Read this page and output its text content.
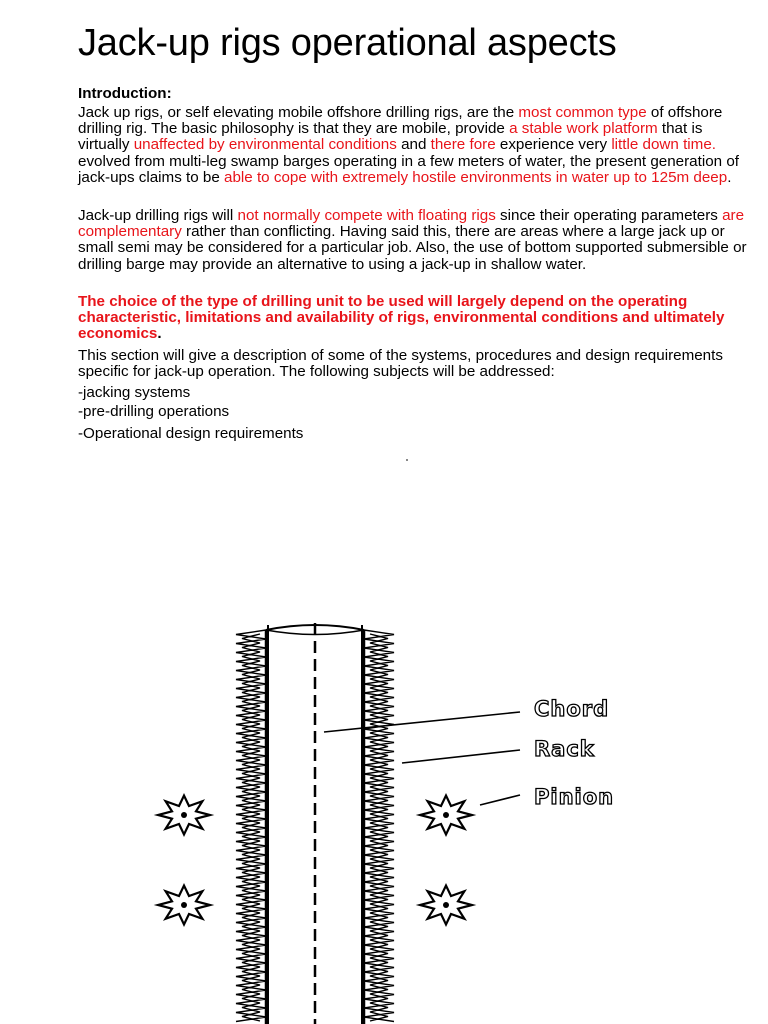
Jack-up rigs operational aspects
Introduction:
Jack up rigs, or self elevating mobile offshore drilling rigs, are the most common type of offshore drilling rig. The basic philosophy is that they are mobile, provide a stable work platform that is virtually unaffected by environmental conditions and there fore experience very little down time. evolved from multi-leg swamp barges operating in a few meters of water, the present generation of jack-ups claims to be able to cope with extremely hostile environments in water up to 125m deep.
Jack-up drilling rigs will not normally compete with floating rigs since their operating parameters are complementary rather than conflicting. Having said this, there are areas where a large jack up or small semi may be considered for a particular job. Also, the use of bottom supported submersible or drilling barge may provide an alternative to using a jack-up in shallow water.
The choice of the type of drilling unit to be used will largely depend on the operating characteristic, limitations and availability of rigs, environmental conditions and ultimately economics.
This section will give a description of some of the systems, procedures and design requirements specific for jack-up operation. The following subjects will be addressed:
-jacking systems
-pre-drilling operations
-Operational design requirements
Chord
Rack
Pinion
